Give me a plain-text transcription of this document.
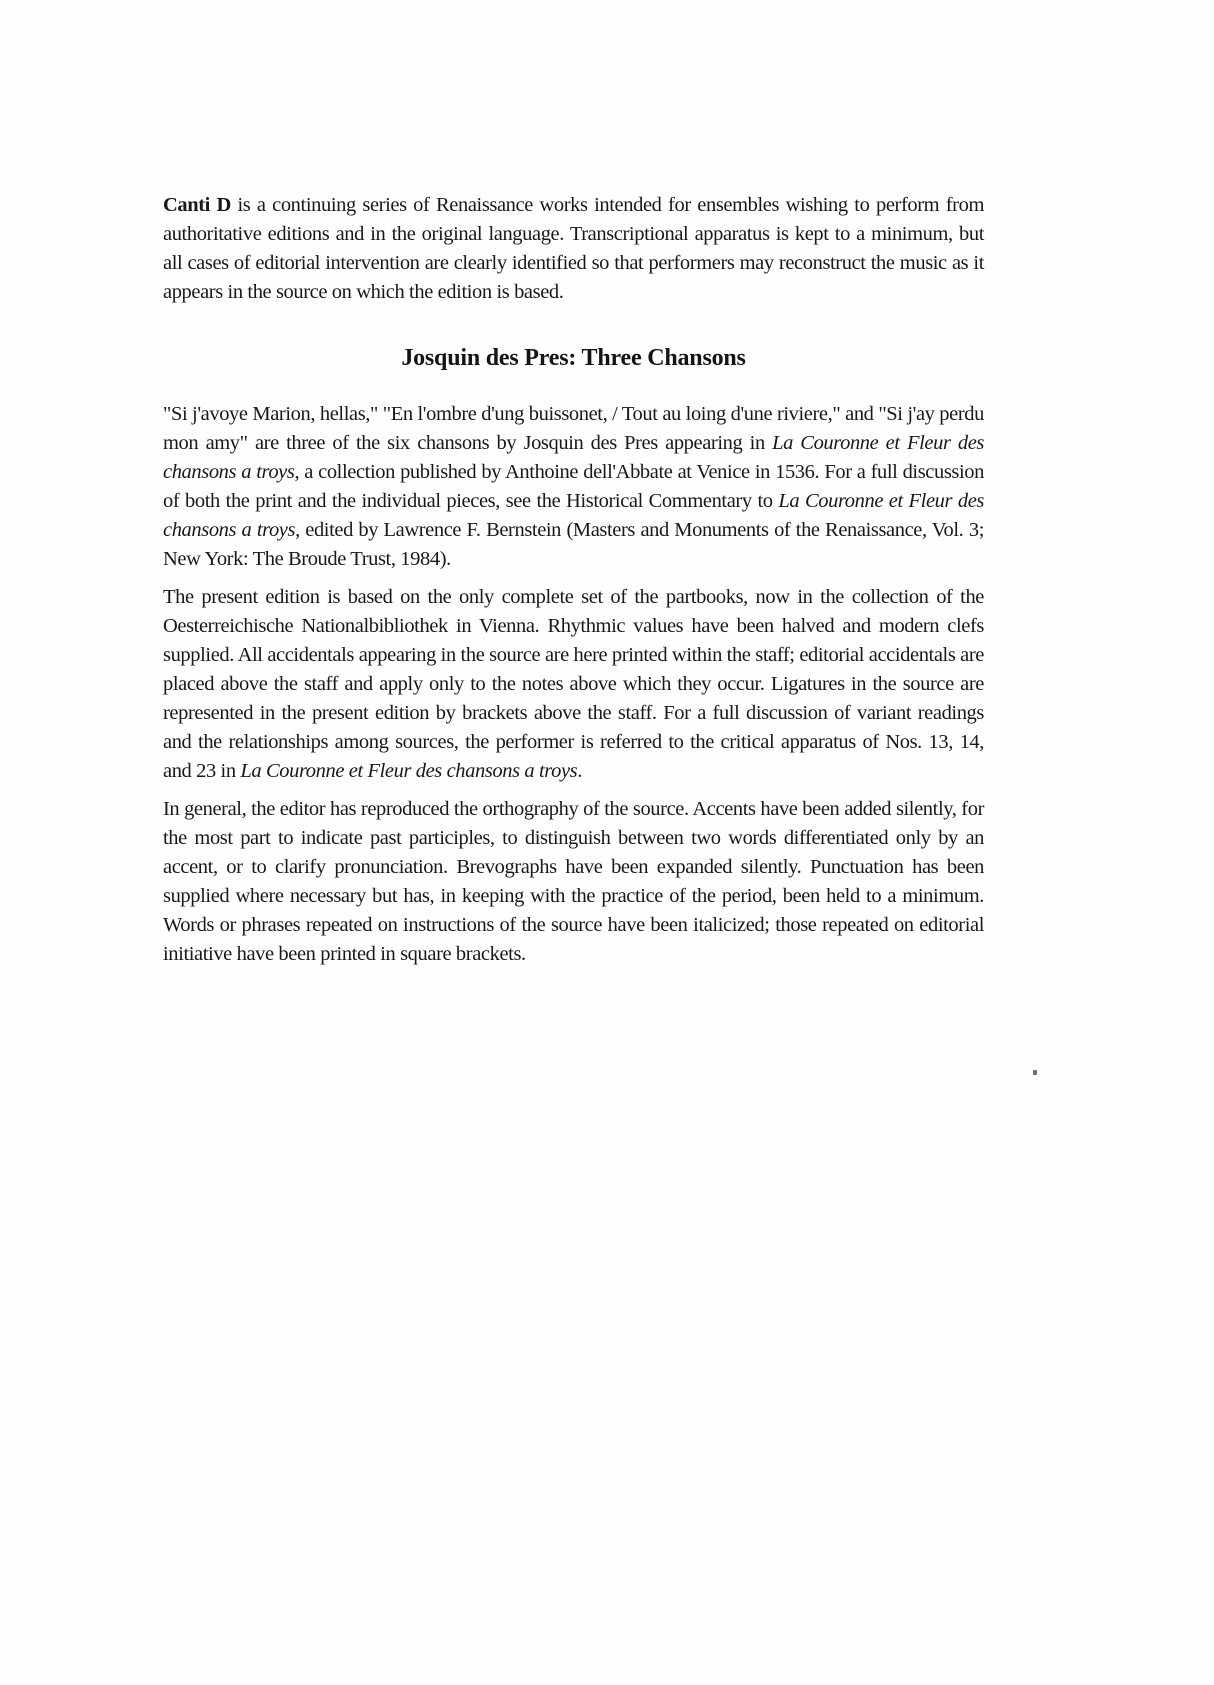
Canti D is a continuing series of Renaissance works intended for ensembles wishing to perform from authoritative editions and in the original language. Transcriptional apparatus is kept to a minimum, but all cases of editorial intervention are clearly identified so that performers may reconstruct the music as it appears in the source on which the edition is based.

Josquin des Pres: Three Chansons

"Si j'avoye Marion, hellas," "En l'ombre d'ung buissonet, / Tout au loing d'une riviere," and "Si j'ay perdu mon amy" are three of the six chansons by Josquin des Pres appearing in La Couronne et Fleur des chansons a troys, a collection published by Anthoine dell'Abbate at Venice in 1536. For a full discussion of both the print and the individual pieces, see the Historical Commentary to La Couronne et Fleur des chansons a troys, edited by Lawrence F. Bernstein (Masters and Monuments of the Renaissance, Vol. 3; New York: The Broude Trust, 1984).

The present edition is based on the only complete set of the partbooks, now in the collection of the Oesterreichische Nationalbibliothek in Vienna. Rhythmic values have been halved and modern clefs supplied. All accidentals appearing in the source are here printed within the staff; editorial accidentals are placed above the staff and apply only to the notes above which they occur. Ligatures in the source are represented in the present edition by brackets above the staff. For a full discussion of variant readings and the relationships among sources, the performer is referred to the critical apparatus of Nos. 13, 14, and 23 in La Couronne et Fleur des chansons a troys.

In general, the editor has reproduced the orthography of the source. Accents have been added silently, for the most part to indicate past participles, to distinguish between two words differentiated only by an accent, or to clarify pronunciation. Brevographs have been expanded silently. Punctuation has been supplied where necessary but has, in keeping with the practice of the period, been held to a minimum. Words or phrases repeated on instructions of the source have been italicized; those repeated on editorial initiative have been printed in square brackets.
